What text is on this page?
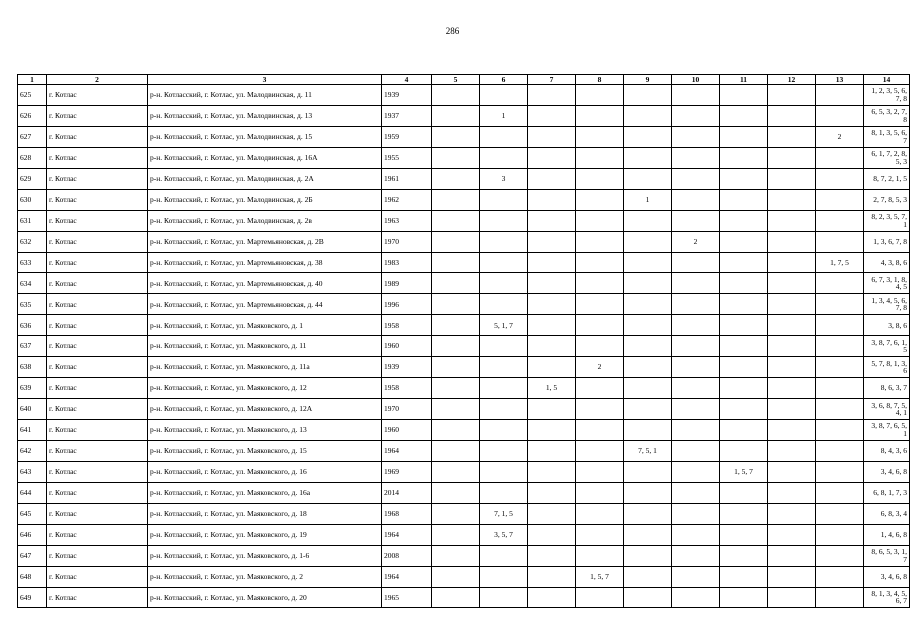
286
1	2	3	4	5	6	7	8	9	10	11	12	13	14
625	г. Котлас	р-н. Котласский, г. Котлас, ул. Малодвинская, д. 11	1939										1, 2, 3, 5, 6, 7, 8
626	г. Котлас	р-н. Котласский, г. Котлас, ул. Малодвинская, д. 13	1937		1								6, 5, 3, 2, 7, 8
627	г. Котлас	р-н. Котласский, г. Котлас, ул. Малодвинская, д. 15	1959									2	8, 1, 3, 5, 6, 7
628	г. Котлас	р-н. Котласский, г. Котлас, ул. Малодвинская, д. 16А	1955										6, 1, 7, 2, 8, 5, 3
629	г. Котлас	р-н. Котласский, г. Котлас, ул. Малодвинская, д. 2А	1961		3								8, 7, 2, 1, 5
630	г. Котлас	р-н. Котласский, г. Котлас, ул. Малодвинская, д. 2Б	1962					1					2, 7, 8, 5, 3
631	г. Котлас	р-н. Котласский, г. Котлас, ул. Малодвинская, д. 2в	1963										8, 2, 3, 5, 7, 1
632	г. Котлас	р-н. Котласский, г. Котлас, ул. Мартемьяновская, д. 2В	1970						2				1, 3, 6, 7, 8
633	г. Котлас	р-н. Котласский, г. Котлас, ул. Мартемьяновская, д. 38	1983									1, 7, 5	4, 3, 8, 6
634	г. Котлас	р-н. Котласский, г. Котлас, ул. Мартемьяновская, д. 40	1989										6, 7, 3, 1, 8, 4, 5
635	г. Котлас	р-н. Котласский, г. Котлас, ул. Мартемьяновская, д. 44	1996										1, 3, 4, 5, 6, 7, 8
636	г. Котлас	р-н. Котласский, г. Котлас, ул. Маяковского, д. 1	1958		5, 1, 7								3, 8, 6
637	г. Котлас	р-н. Котласский, г. Котлас, ул. Маяковского, д. 11	1960										3, 8, 7, 6, 1, 5
638	г. Котлас	р-н. Котласский, г. Котлас, ул. Маяковского, д. 11а	1939				2						5, 7, 8, 1, 3, 6
639	г. Котлас	р-н. Котласский, г. Котлас, ул. Маяковского, д. 12	1958			1, 5							8, 6, 3, 7
640	г. Котлас	р-н. Котласский, г. Котлас, ул. Маяковского, д. 12А	1970										3, 6, 8, 7, 5, 4, 1
641	г. Котлас	р-н. Котласский, г. Котлас, ул. Маяковского, д. 13	1960										3, 8, 7, 6, 5, 1
642	г. Котлас	р-н. Котласский, г. Котлас, ул. Маяковского, д. 15	1964					7, 5, 1					8, 4, 3, 6
643	г. Котлас	р-н. Котласский, г. Котлас, ул. Маяковского, д. 16	1969							1, 5, 7			3, 4, 6, 8
644	г. Котлас	р-н. Котласский, г. Котлас, ул. Маяковского, д. 16а	2014										6, 8, 1, 7, 3
645	г. Котлас	р-н. Котласский, г. Котлас, ул. Маяковского, д. 18	1968		7, 1, 5								6, 8, 3, 4
646	г. Котлас	р-н. Котласский, г. Котлас, ул. Маяковского, д. 19	1964		3, 5, 7								1, 4, 6, 8
647	г. Котлас	р-н. Котласский, г. Котлас, ул. Маяковского, д. 1-6	2008										8, 6, 5, 3, 1, 7
648	г. Котлас	р-н. Котласский, г. Котлас, ул. Маяковского, д. 2	1964				1, 5, 7						3, 4, 6, 8
649	г. Котлас	р-н. Котласский, г. Котлас, ул. Маяковского, д. 20	1965										8, 1, 3, 4, 5, 6, 7
